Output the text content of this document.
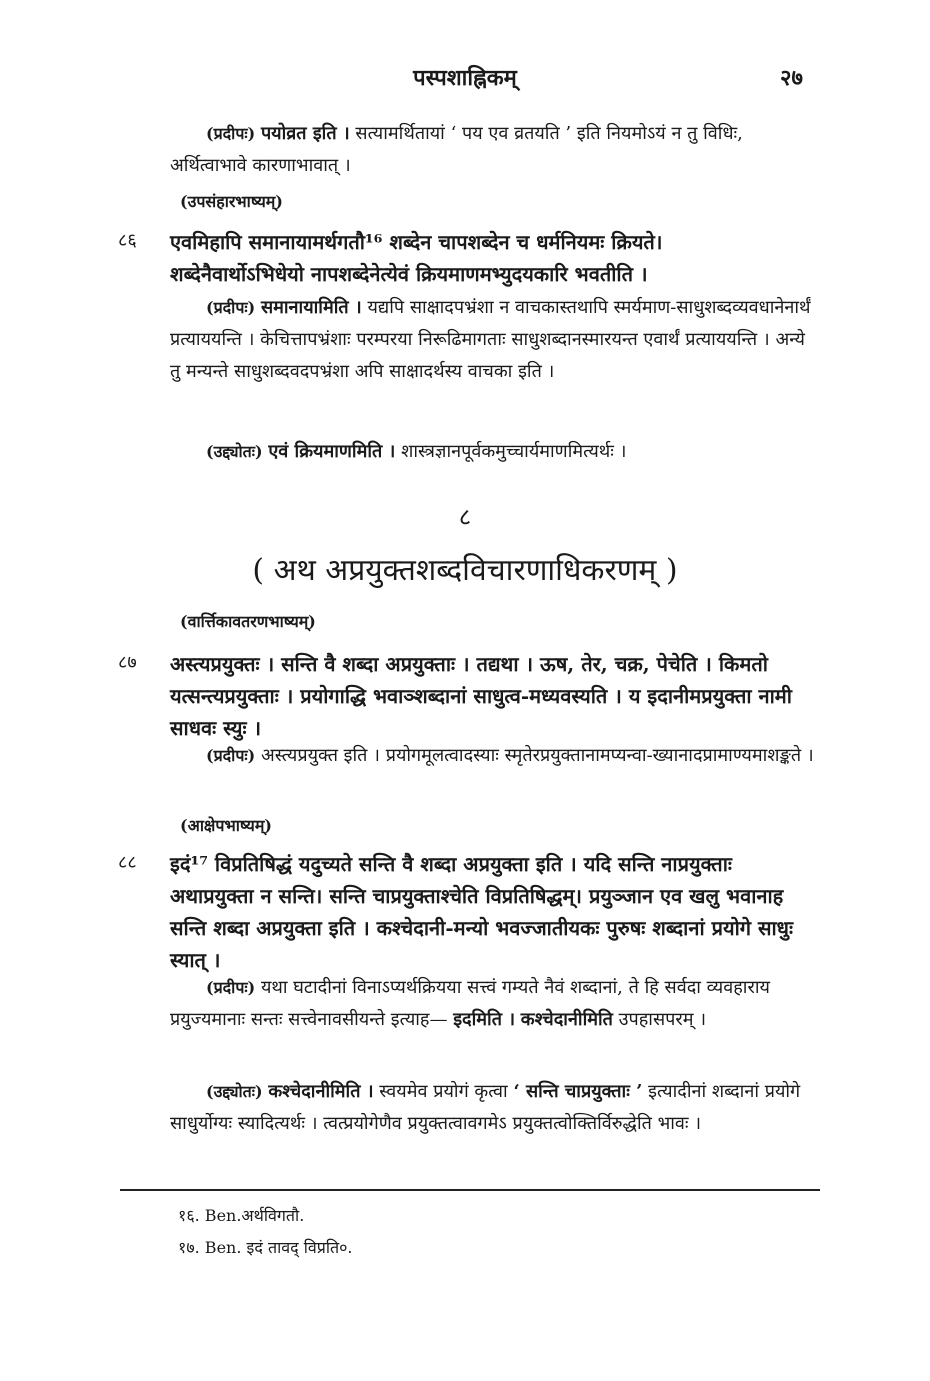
पस्पशाह्निकम्	२७
(प्रदीपः) पयोव्रत इति । सत्यामर्थितायां ‘ पय एव व्रतयति ’ इति नियमोऽयं न तु विधिः, अर्थित्वाभावे कारणाभावात् ।
(उपसंहारभाष्यम्)
८६ एवमिहापि समानायामर्थगतौ¹⁶ शब्देन चापशब्देन च धर्मनियमः क्रियते।
शब्देनैवार्थोऽभिधेयो नापशब्देनेत्येवं क्रियमाणमभ्युदयकारि भवतीति ।
(प्रदीपः) समानायामिति । यद्यपि साक्षादपभ्रंशा न वाचकास्तथापि स्मर्यमाण-साधुशब्दव्यवधानेनार्थं प्रत्याययन्ति । केचित्तापभ्रंशाः परम्परया निरूढिमागताः साधुशब्दानस्मारयन्त एवार्थं प्रत्याययन्ति । अन्ये तु मन्यन्ते साधुशब्दवदपभ्रंशा अपि साक्षादर्थस्य वाचका इति ।
(उद्द्योतः) एवं क्रियमाणमिति । शास्त्रज्ञानपूर्वकमुच्चार्यमाणमित्यर्थः ।
८
( अथ अप्रयुक्तशब्दविचारणाधिकरणम् )
(वार्त्तिकावतरणभाष्यम्)
८७ अस्त्यप्रयुक्तः । सन्ति वै शब्दा अप्रयुक्ताः । तद्यथा । ऊष, तेर, चक्र, पेचेति । किमतो यत्सन्त्यप्रयुक्ताः । प्रयोगाद्धि भवाञ्शब्दानां साधुत्व-मध्यवस्यति । य इदानीमप्रयुक्ता नामी साधवः स्युः ।
(प्रदीपः) अस्त्यप्रयुक्त इति । प्रयोगमूलत्वादस्याः स्मृतेरप्रयुक्तानामप्यन्वा-ख्यानादप्रामाण्यमाशङ्कते ।
(आक्षेपभाष्यम्)
८८ इदं¹⁷ विप्रतिषिद्धं यदुच्यते सन्ति वै शब्दा अप्रयुक्ता इति । यदि सन्ति नाप्रयुक्ताः अथाप्रयुक्ता न सन्ति। सन्ति चाप्रयुक्ताश्चेति विप्रतिषिद्धम्। प्रयुञ्जान एव खलु भवानाह सन्ति शब्दा अप्रयुक्ता इति । कश्चेदानी-मन्यो भवज्जातीयकः पुरुषः शब्दानां प्रयोगे साधुः स्यात् ।
(प्रदीपः) यथा घटादीनां विनाऽप्यर्थक्रियया सत्त्वं गम्यते नैवं शब्दानां, ते हि सर्वदा व्यवहाराय प्रयुज्यमानाः सन्तः सत्त्वेनावसीयन्ते इत्याह— इदमिति । कश्चेदानीमिति उपहासपरम् ।
(उद्द्योतः) कश्चेदानीमिति । स्वयमेव प्रयोगं कृत्वा ‘ सन्ति चाप्रयुक्ताः ’ इत्यादीनां शब्दानां प्रयोगे साधुर्योग्यः स्यादित्यर्थः । त्वत्प्रयोगेणैव प्रयुक्तत्वावगमेऽ प्रयुक्तत्वोक्तिर्विरुद्धेति भावः ।
१६. Ben.अर्थविगतौ.
१७. Ben. इदं तावद् विप्रति०.
